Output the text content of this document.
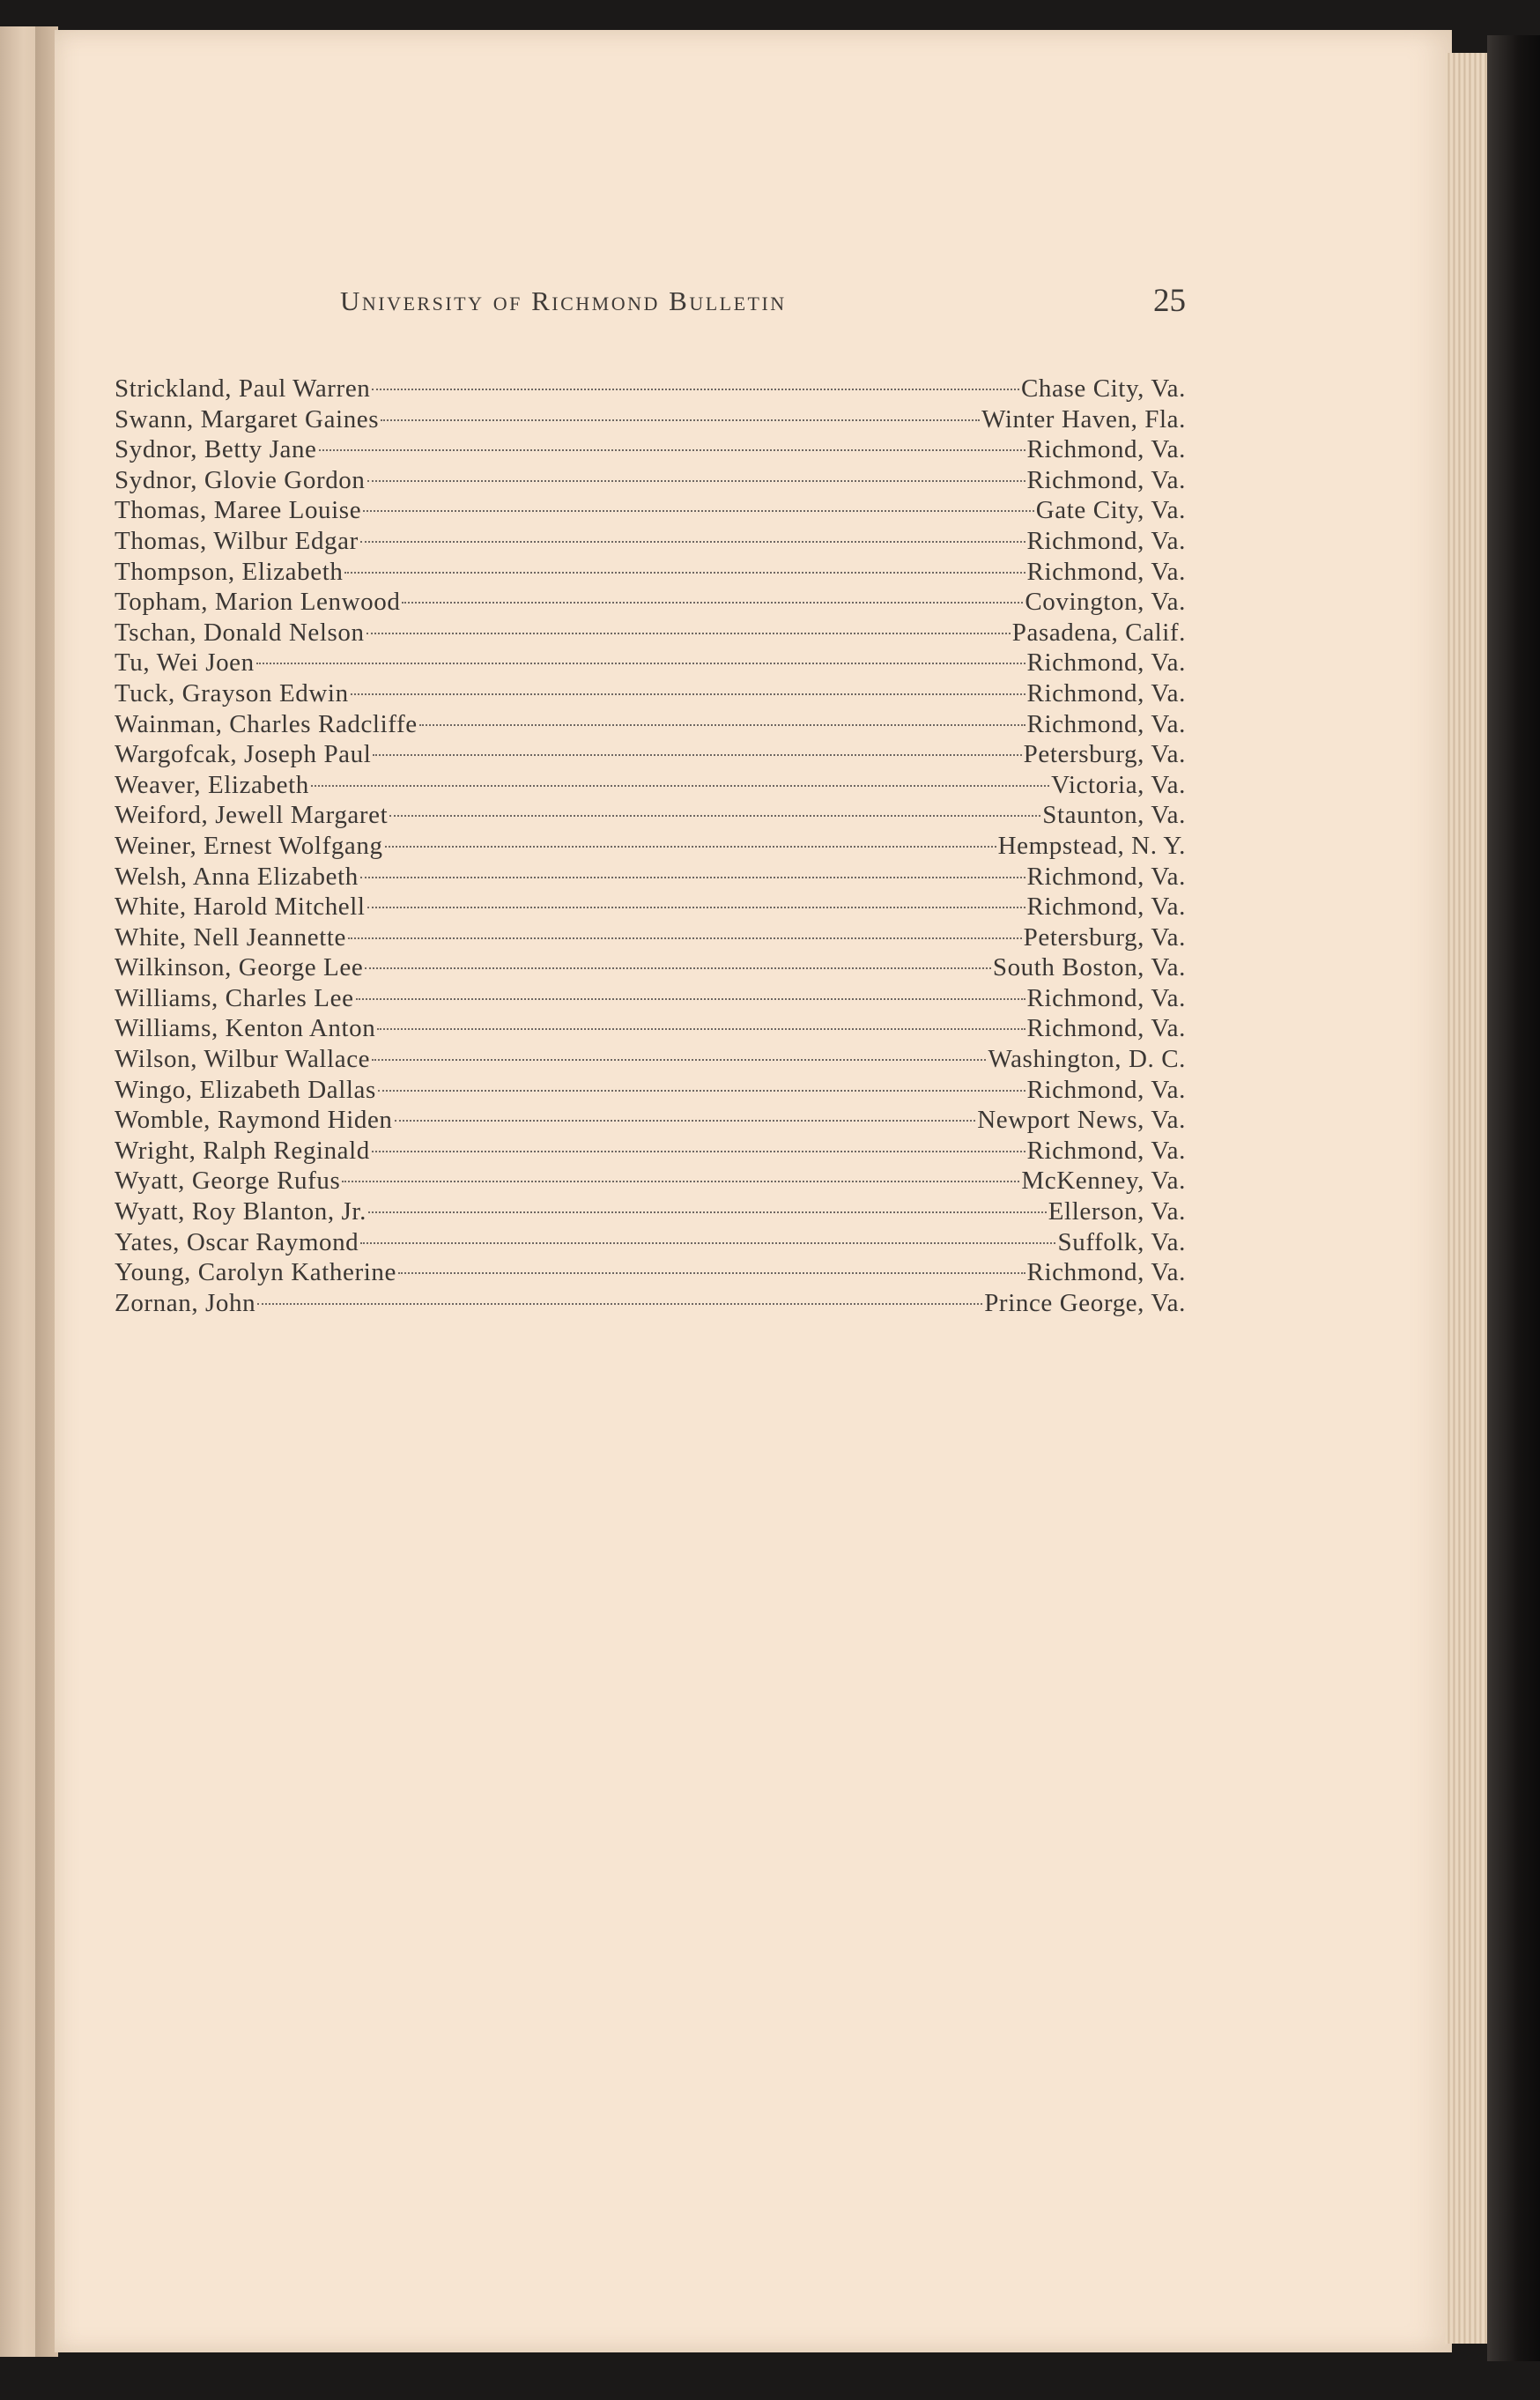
University of Richmond Bulletin	25
Strickland, Paul Warren	Chase City, Va.
Swann, Margaret Gaines	Winter Haven, Fla.
Sydnor, Betty Jane	Richmond, Va.
Sydnor, Glovie Gordon	Richmond, Va.
Thomas, Maree Louise	Gate City, Va.
Thomas, Wilbur Edgar	Richmond, Va.
Thompson, Elizabeth	Richmond, Va.
Topham, Marion Lenwood	Covington, Va.
Tschan, Donald Nelson	Pasadena, Calif.
Tu, Wei Joen	Richmond, Va.
Tuck, Grayson Edwin	Richmond, Va.
Wainman, Charles Radcliffe	Richmond, Va.
Wargofcak, Joseph Paul	Petersburg, Va.
Weaver, Elizabeth	Victoria, Va.
Weiford, Jewell Margaret	Staunton, Va.
Weiner, Ernest Wolfgang	Hempstead, N. Y.
Welsh, Anna Elizabeth	Richmond, Va.
White, Harold Mitchell	Richmond, Va.
White, Nell Jeannette	Petersburg, Va.
Wilkinson, George Lee	South Boston, Va.
Williams, Charles Lee	Richmond, Va.
Williams, Kenton Anton	Richmond, Va.
Wilson, Wilbur Wallace	Washington, D. C.
Wingo, Elizabeth Dallas	Richmond, Va.
Womble, Raymond Hiden	Newport News, Va.
Wright, Ralph Reginald	Richmond, Va.
Wyatt, George Rufus	McKenney, Va.
Wyatt, Roy Blanton, Jr.	Ellerson, Va.
Yates, Oscar Raymond	Suffolk, Va.
Young, Carolyn Katherine	Richmond, Va.
Zornan, John	Prince George, Va.
